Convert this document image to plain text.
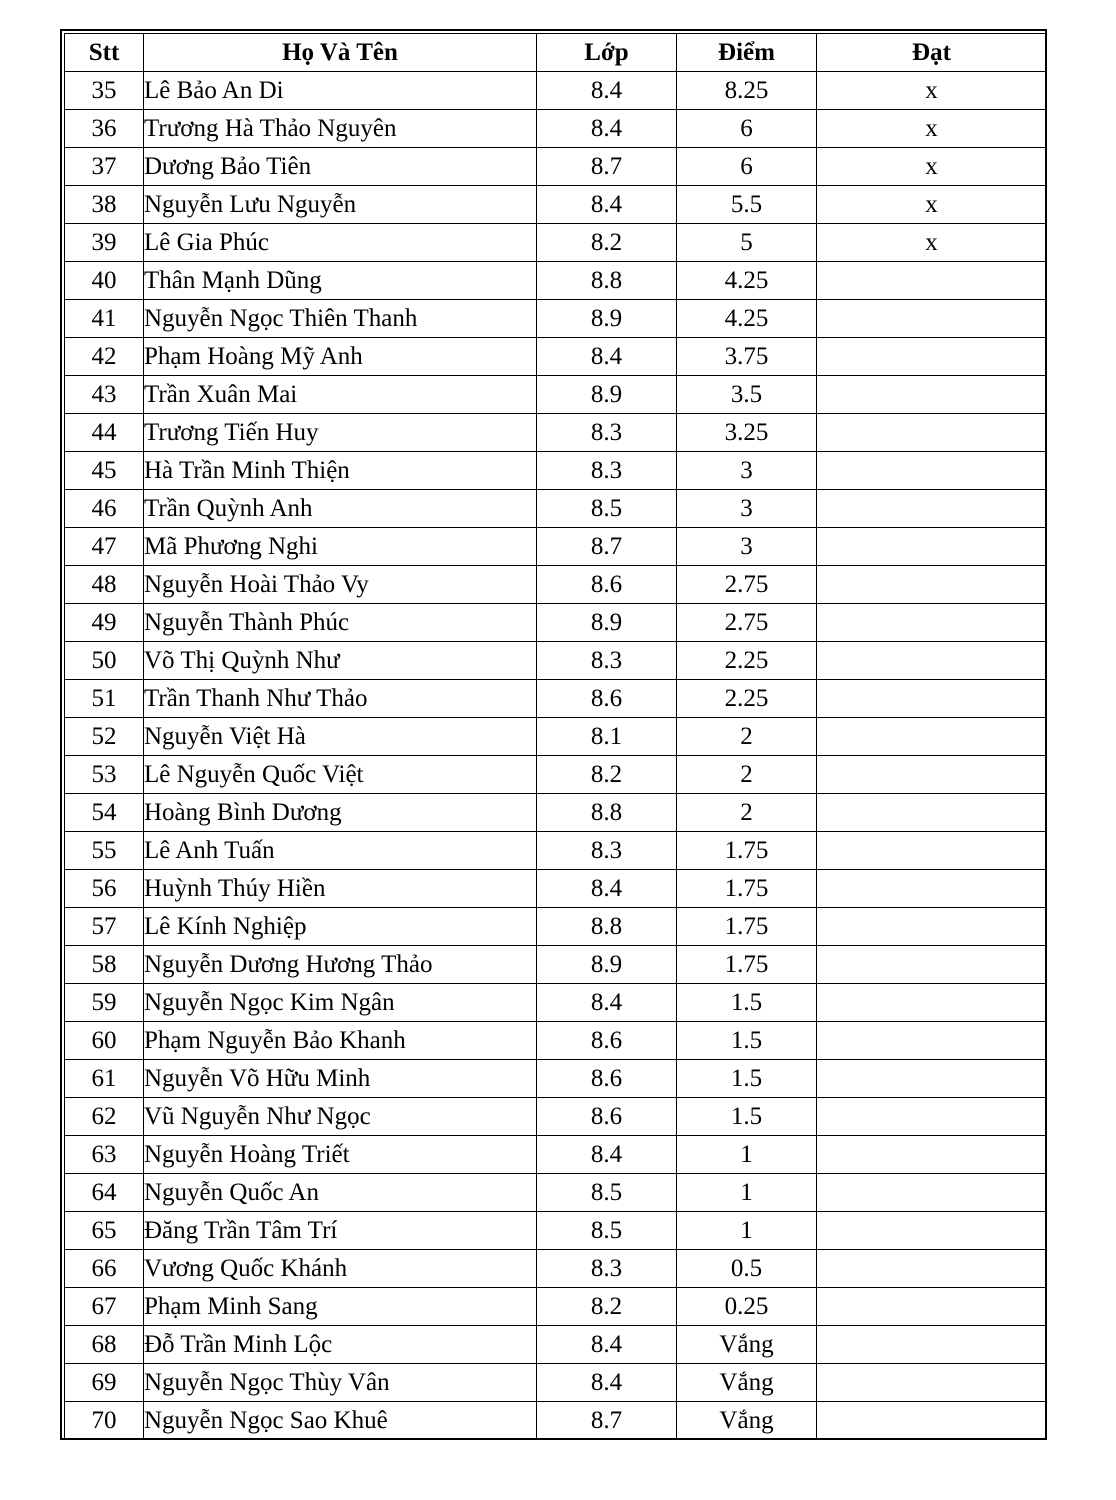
Stt	Họ Và Tên	Lớp	Điểm	Đạt
35	Lê Bảo An Di	8.4	8.25	x
36	Trương Hà Thảo Nguyên	8.4	6	x
37	Dương Bảo Tiên	8.7	6	x
38	Nguyễn Lưu Nguyễn	8.4	5.5	x
39	Lê Gia Phúc	8.2	5	x
40	Thân Mạnh Dũng	8.8	4.25	
41	Nguyễn Ngọc Thiên Thanh	8.9	4.25	
42	Phạm Hoàng Mỹ Anh	8.4	3.75	
43	Trần Xuân Mai	8.9	3.5	
44	Trương Tiến Huy	8.3	3.25	
45	Hà Trần Minh Thiện	8.3	3	
46	Trần Quỳnh Anh	8.5	3	
47	Mã Phương Nghi	8.7	3	
48	Nguyễn Hoài Thảo Vy	8.6	2.75	
49	Nguyễn Thành Phúc	8.9	2.75	
50	Võ Thị Quỳnh Như	8.3	2.25	
51	Trần Thanh Như Thảo	8.6	2.25	
52	Nguyễn Việt Hà	8.1	2	
53	Lê Nguyễn Quốc Việt	8.2	2	
54	Hoàng Bình Dương	8.8	2	
55	Lê Anh Tuấn	8.3	1.75	
56	Huỳnh Thúy Hiền	8.4	1.75	
57	Lê Kính Nghiệp	8.8	1.75	
58	Nguyễn Dương Hương Thảo	8.9	1.75	
59	Nguyễn Ngọc Kim Ngân	8.4	1.5	
60	Phạm Nguyễn Bảo Khanh	8.6	1.5	
61	Nguyễn Võ Hữu Minh	8.6	1.5	
62	Vũ Nguyễn Như Ngọc	8.6	1.5	
63	Nguyễn Hoàng Triết	8.4	1	
64	Nguyễn Quốc An	8.5	1	
65	Đăng Trần Tâm Trí	8.5	1	
66	Vương Quốc Khánh	8.3	0.5	
67	Phạm Minh Sang	8.2	0.25	
68	Đỗ Trần Minh Lộc	8.4	Vắng	
69	Nguyễn Ngọc Thùy Vân	8.4	Vắng	
70	Nguyễn Ngọc Sao Khuê	8.7	Vắng	
